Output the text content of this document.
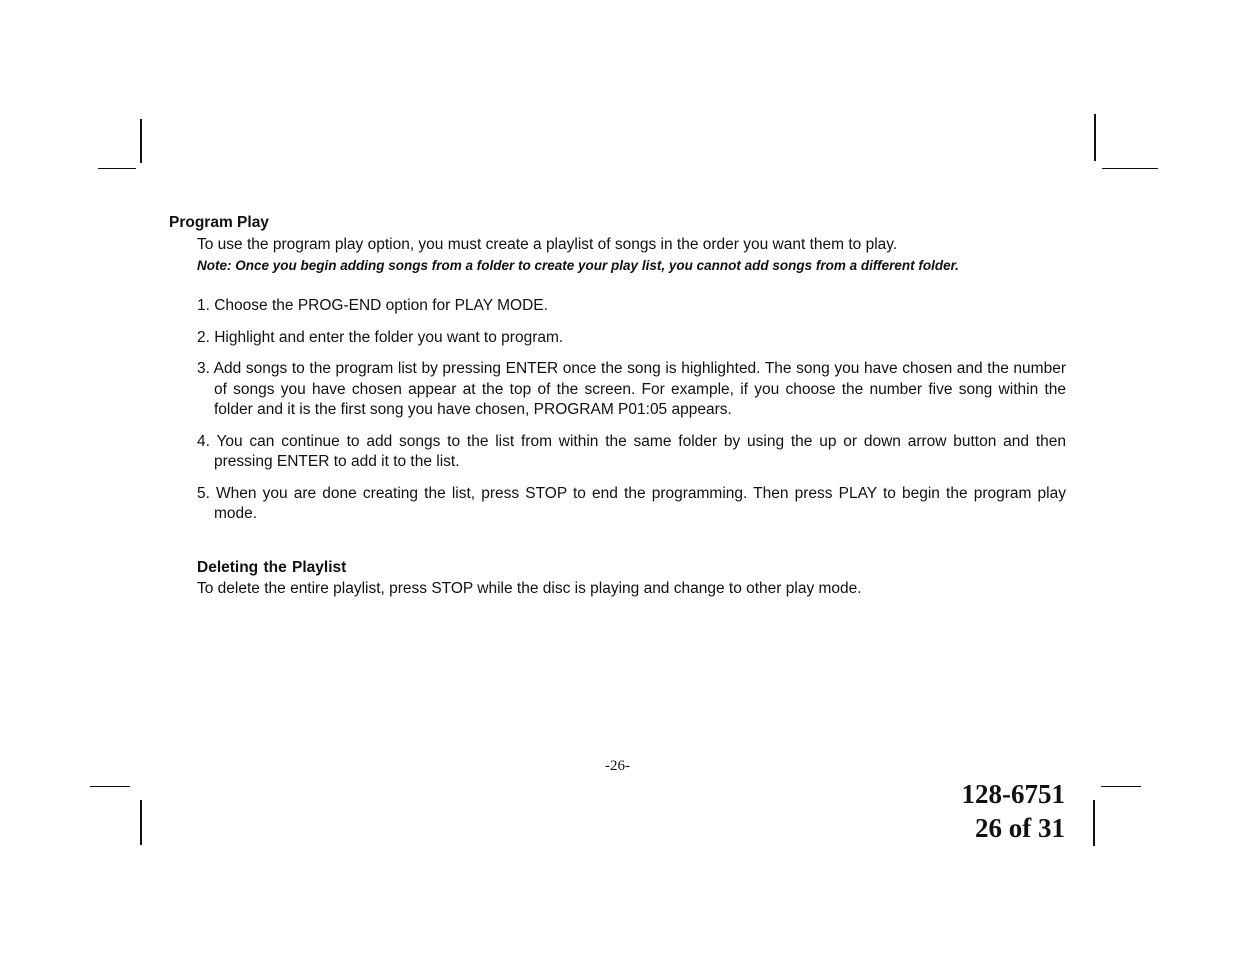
Program Play

To use the program play option, you must create a playlist of songs in the order you want them to play.

Note: Once you begin adding songs from a folder to create your play list, you cannot add songs from a different folder.

1. Choose the PROG-END option for PLAY MODE.
2. Highlight and enter the folder you want to program.
3. Add songs to the program list by pressing ENTER once the song is highlighted. The song you have chosen and the number of songs you have chosen appear at the top of the screen. For example, if you choose the number five song within the folder and it is the first song you have chosen, PROGRAM P01:05 appears.
4. You can continue to add songs to the list from within the same folder by using the up or down arrow button and then pressing ENTER to add it to the list.
5. When you are done creating the list, press STOP to end the programming. Then press PLAY to begin the program play mode.
Deleting the Playlist

To delete the entire playlist, press STOP while the disc is playing and change to other play mode.

-26-
128-6751
26 of 31
